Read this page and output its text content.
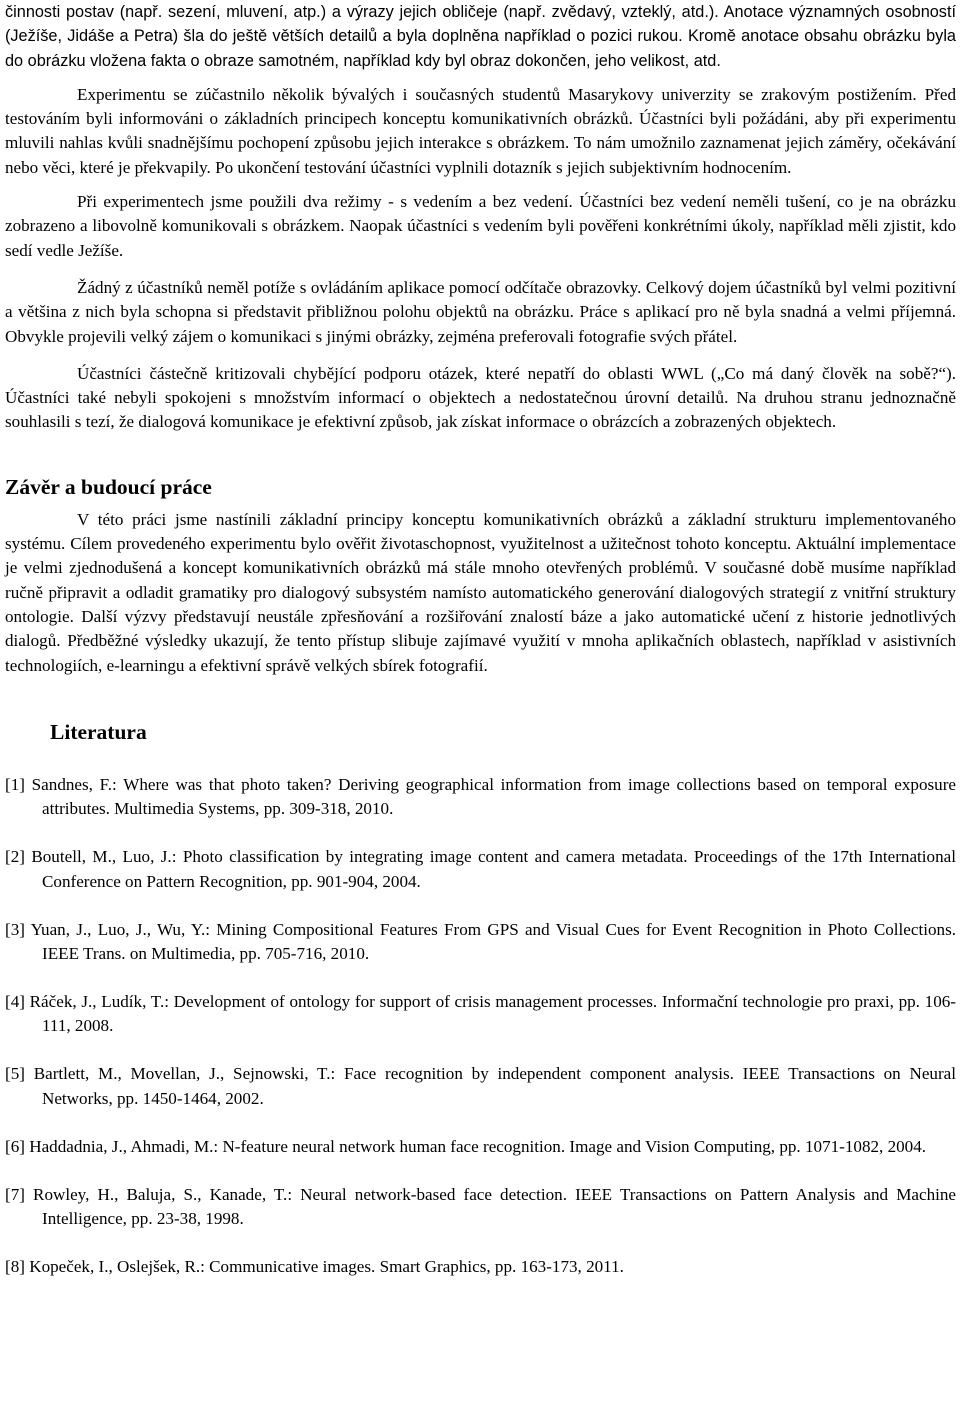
činnosti postav (např. sezení, mluvení, atp.) a výrazy jejich obličeje (např. zvědavý, vzteklý, atd.). Anotace významných osobností (Ježíše, Jidáše a Petra) šla do ještě větších detailů a byla doplněna například o pozici rukou. Kromě anotace obsahu obrázku byla do obrázku vložena fakta o obraze samotném, například kdy byl obraz dokončen, jeho velikost, atd.

Experimentu se zúčastnilo několik bývalých i současných studentů Masarykovy univerzity se zrakovým postižením. Před testováním byli informováni o základních principech konceptu komunikativních obrázků. Účastníci byli požádáni, aby při experimentu mluvili nahlas kvůli snadnějšímu pochopení způsobu jejich interakce s obrázkem. To nám umožnilo zaznamenat jejich záměry, očekávání nebo věci, které je překvapily. Po ukončení testování účastníci vyplnili dotazník s jejich subjektivním hodnocením.

Při experimentech jsme použili dva režimy - s vedením a bez vedení. Účastníci bez vedení neměli tušení, co je na obrázku zobrazeno a libovolně komunikovali s obrázkem. Naopak účastníci s vedením byli pověřeni konkrétními úkoly, například měli zjistit, kdo sedí vedle Ježíše.

Žádný z účastníků neměl potíže s ovládáním aplikace pomocí odčítače obrazovky. Celkový dojem účastníků byl velmi pozitivní a většina z nich byla schopna si představit přibližnou polohu objektů na obrázku. Práce s aplikací pro ně byla snadná a velmi příjemná. Obvykle projevili velký zájem o komunikaci s jinými obrázky, zejména preferovali fotografie svých přátel.

Účastníci částečně kritizovali chybějící podporu otázek, které nepatří do oblasti WWL („Co má daný člověk na sobě?“). Účastníci také nebyli spokojeni s množstvím informací o objektech a nedostatečnou úrovní detailů. Na druhou stranu jednoznačně souhlasili s tezí, že dialogová komunikace je efektivní způsob, jak získat informace o obrázcích a zobrazených objektech.

Závěr a budoucí práce

V této práci jsme nastínili základní principy konceptu komunikativních obrázků a základní strukturu implementovaného systému. Cílem provedeného experimentu bylo ověřit životaschopnost, využitelnost a užitečnost tohoto konceptu. Aktuální implementace je velmi zjednodušená a koncept komunikativních obrázků má stále mnoho otevřených problémů. V současné době musíme například ručně připravit a odladit gramatiky pro dialogový subsystém namísto automatického generování dialogových strategií z vnitřní struktury ontologie. Další výzvy představují neustále zpřesňování a rozšiřování znalostí báze a jako automatické učení z historie jednotlivých dialogů. Předběžné výsledky ukazují, že tento přístup slibuje zajímavé využití v mnoha aplikačních oblastech, například v asistivních technologiích, e-learningu a efektivní správě velkých sbírek fotografií.

Literatura
[1] Sandnes, F.: Where was that photo taken? Deriving geographical information from image collections based on temporal exposure attributes. Multimedia Systems, pp. 309-318, 2010.
[2] Boutell, M., Luo, J.: Photo classification by integrating image content and camera metadata. Proceedings of the 17th International Conference on Pattern Recognition, pp. 901-904, 2004.
[3] Yuan, J., Luo, J., Wu, Y.: Mining Compositional Features From GPS and Visual Cues for Event Recognition in Photo Collections. IEEE Trans. on Multimedia, pp. 705-716, 2010.
[4] Ráček, J., Ludík, T.: Development of ontology for support of crisis management processes. Informační technologie pro praxi, pp. 106-111, 2008.
[5] Bartlett, M., Movellan, J., Sejnowski, T.: Face recognition by independent component analysis. IEEE Transactions on Neural Networks, pp. 1450-1464, 2002.
[6] Haddadnia, J., Ahmadi, M.: N-feature neural network human face recognition. Image and Vision Computing, pp. 1071-1082, 2004.
[7] Rowley, H., Baluja, S., Kanade, T.: Neural network-based face detection. IEEE Transactions on Pattern Analysis and Machine Intelligence, pp. 23-38, 1998.
[8] Kopeček, I., Oslejšek, R.: Communicative images. Smart Graphics, pp. 163-173, 2011.
